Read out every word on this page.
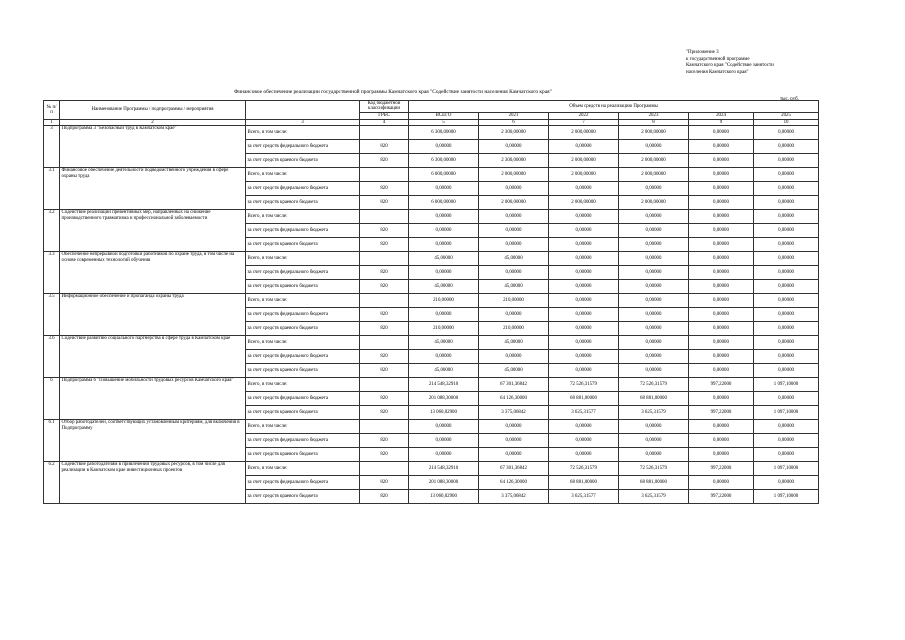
"Приложение 3
к государственной программе
Камчатского края "Содействие занятости
населения Камчатского края"
Финансовое обеспечение реализации государственной программы Камчатского края "Содействие занятости населения Камчатского края"
тыс. руб.
№ п/п	Наименование Программы / подпрограммы / мероприятия		Код бюджетной классификации	Объем средств на реализацию Программы					
			ГРБС	ВСЕГО	2021	2022	2023	2024	2025
1	2	3	4	5	6	7	8	9	10
3	Подпрограмма 3 "Безопасный труд в Камчатском крае"	Всего, в том числе:		6 300,00000	2 300,00000	2 000,00000	2 000,00000	0,00000	0,00000
		за счет средств федерального бюджета	820	0,00000	0,00000	0,00000	0,00000	0,00000	0,00000
		за счет средств краевого бюджета	820	6 300,00000	2 300,00000	2 000,00000	2 000,00000	0,00000	0,00000
3.1	Финансовое обеспечение деятельности подведомственного учреждения в сфере охраны труда	Всего, в том числе:		6 000,00000	2 000,00000	2 000,00000	2 000,00000	0,00000	0,00000
		за счет средств федерального бюджета	820	0,00000	0,00000	0,00000	0,00000	0,00000	0,00000
		за счет средств краевого бюджета	820	6 000,00000	2 000,00000	2 000,00000	2 000,00000	0,00000	0,00000
3.2	Содействие реализации превентивных мер, направленных на снижение производственного травматизма и профессиональной заболеваемости	Всего, в том числе:		0,00000	0,00000	0,00000	0,00000	0,00000	0,00000
		за счет средств федерального бюджета	820	0,00000	0,00000	0,00000	0,00000	0,00000	0,00000
		за счет средств краевого бюджета	820	0,00000	0,00000	0,00000	0,00000	0,00000	0,00000
3.3	Обеспечение непрерывной подготовки работников по охране труда, в том числе на основе современных технологий обучения	Всего, в том числе:		45,00000	45,00000	0,00000	0,00000	0,00000	0,00000
		за счет средств федерального бюджета	820	0,00000	0,00000	0,00000	0,00000	0,00000	0,00000
		за счет средств краевого бюджета	820	45,00000	45,00000	0,00000	0,00000	0,00000	0,00000
3.5	Информационное обеспечение и пропаганда охраны труда	Всего, в том числе:		210,00000	210,00000	0,00000	0,00000	0,00000	0,00000
		за счет средств федерального бюджета	820	0,00000	0,00000	0,00000	0,00000	0,00000	0,00000
		за счет средств краевого бюджета	820	210,00000	210,00000	0,00000	0,00000	0,00000	0,00000
3.6	Содействие развитию социального партнерства в сфере труда в Камчатском крае	Всего, в том числе:		45,00000	45,00000	0,00000	0,00000	0,00000	0,00000
		за счет средств федерального бюджета	820	0,00000	0,00000	0,00000	0,00000	0,00000	0,00000
		за счет средств краевого бюджета	820	45,00000	45,00000	0,00000	0,00000	0,00000	0,00000
6	Подпрограмма 6 "Повышение мобильности трудовых ресурсов Камчатского края"	Всего, в том числе:		214 548,32910	67 301,36842	72 526,31579	72 526,31579	997,22000	1 097,10000
		за счет средств федерального бюджета	820	201 088,30000	64 126,30000	68 881,00000	68 881,00000	0,00000	0,00000
		за счет средств краевого бюджета	820	13 060,02900	3 375,06842	3 625,31577	3 625,31579	997,22000	1 097,10000
6.1	Отбор работодателей, соответствующих установленным критериям, для включения в Подпрограмму	Всего, в том числе:		0,00000	0,00000	0,00000	0,00000	0,00000	0,00000
		за счет средств федерального бюджета	820	0,00000	0,00000	0,00000	0,00000	0,00000	0,00000
		за счет средств краевого бюджета	820	0,00000	0,00000	0,00000	0,00000	0,00000	0,00000
6.2	Содействие работодателям в привлечении трудовых ресурсов, в том числе для реализации в Камчатском крае инвестиционных проектов	Всего, в том числе:		214 548,32910	67 301,36842	72 526,31579	72 526,31579	997,22000	1 097,10000
		за счет средств федерального бюджета	820	201 088,30000	64 126,30000	68 881,00000	68 881,00000	0,00000	0,00000
		за счет средств краевого бюджета	820	13 060,02900	3 375,06842	3 625,31577	3 625,31579	997,22000	1 097,10000
